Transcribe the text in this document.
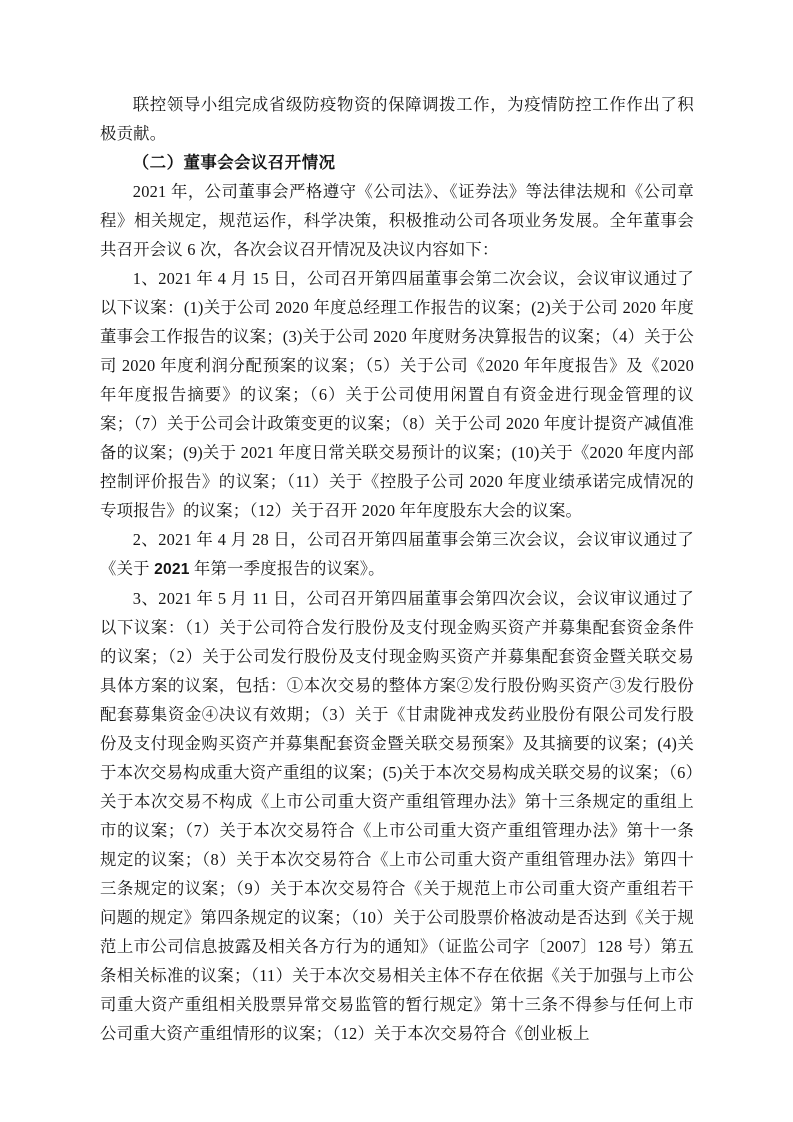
联控领导小组完成省级防疫物资的保障调拨工作，为疫情防控工作作出了积极贡献。

（二）董事会会议召开情况

2021 年，公司董事会严格遵守《公司法》、《证券法》等法律法规和《公司章程》相关规定，规范运作，科学决策，积极推动公司各项业务发展。全年董事会共召开会议 6 次，各次会议召开情况及决议内容如下：

1、2021 年 4 月 15 日，公司召开第四届董事会第二次会议，会议审议通过了以下议案：(1)关于公司 2020 年度总经理工作报告的议案；(2)关于公司 2020 年度董事会工作报告的议案；(3)关于公司 2020 年度财务决算报告的议案；（4）关于公司 2020 年度利润分配预案的议案；（5）关于公司《2020 年年度报告》及《2020 年年度报告摘要》的议案；（6）关于公司使用闲置自有资金进行现金管理的议案；（7）关于公司会计政策变更的议案；（8）关于公司 2020 年度计提资产减值准备的议案；(9)关于 2021 年度日常关联交易预计的议案；(10)关于《2020 年度内部控制评价报告》的议案；（11）关于《控股子公司 2020 年度业绩承诺完成情况的专项报告》的议案；（12）关于召开 2020 年年度股东大会的议案。

2、2021 年 4 月 28 日，公司召开第四届董事会第三次会议，会议审议通过了《关于 2021 年第一季度报告的议案》。

3、2021 年 5 月 11 日，公司召开第四届董事会第四次会议，会议审议通过了以下议案：（1）关于公司符合发行股份及支付现金购买资产并募集配套资金条件的议案；（2）关于公司发行股份及支付现金购买资产并募集配套资金暨关联交易具体方案的议案，包括：①本次交易的整体方案②发行股份购买资产③发行股份配套募集资金④决议有效期；（3）关于《甘肃陇神戎发药业股份有限公司发行股份及支付现金购买资产并募集配套资金暨关联交易预案》及其摘要的议案；(4)关于本次交易构成重大资产重组的议案；(5)关于本次交易构成关联交易的议案；（6）关于本次交易不构成《上市公司重大资产重组管理办法》第十三条规定的重组上市的议案；（7）关于本次交易符合《上市公司重大资产重组管理办法》第十一条规定的议案；（8）关于本次交易符合《上市公司重大资产重组管理办法》第四十三条规定的议案；（9）关于本次交易符合《关于规范上市公司重大资产重组若干问题的规定》第四条规定的议案；（10）关于公司股票价格波动是否达到《关于规范上市公司信息披露及相关各方行为的通知》（证监公司字〔2007〕128 号）第五条相关标准的议案；（11）关于本次交易相关主体不存在依据《关于加强与上市公司重大资产重组相关股票异常交易监管的暂行规定》第十三条不得参与任何上市公司重大资产重组情形的议案；（12）关于本次交易符合《创业板上
